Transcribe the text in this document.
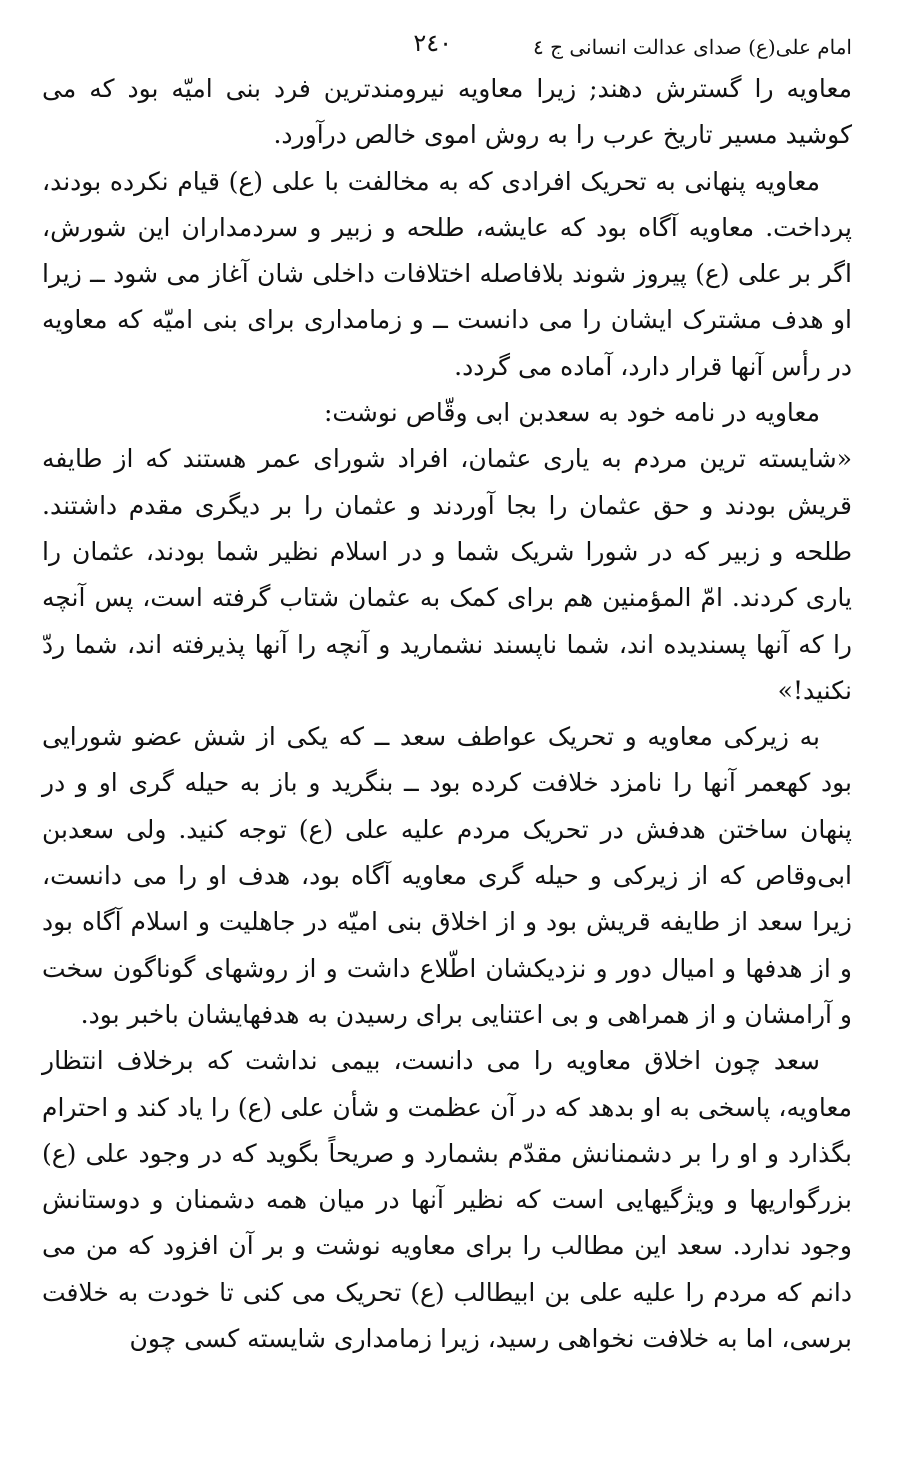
امام علی(ع) صدای عدالت انسانی ج ٤
٢٤٠

معاویه را گسترش دهند; زیرا معاویه نیرومندترین فرد بنی امیّه بود که می کوشید مسیر تاریخ عرب را به روش اموی خالص درآورد.

معاویه پنهانی به تحریک افرادی که به مخالفت با علی (ع) قیام نکرده بودند، پرداخت. معاویه آگاه بود که عایشه، طلحه و زبیر و سردمداران این شورش، اگر بر علی (ع) پیروز شوند بلافاصله اختلافات داخلی شان آغاز می شود ــ زیرا او هدف مشترک ایشان را می دانست ــ و زمامداری برای بنی امیّه که معاویه در رأس آنها قرار دارد، آماده می گردد.

معاویه در نامه خود به سعدبن ابی وقّاص نوشت:

«شایسته ترین مردم به یاری عثمان، افراد شورای عمر هستند که از طایفه قریش بودند و حق عثمان را بجا آوردند و عثمان را بر دیگری مقدم داشتند. طلحه و زبیر که در شورا شریک شما و در اسلام نظیر شما بودند، عثمان را یاری کردند. امّ المؤمنین هم برای کمک به عثمان شتاب گرفته است، پس آنچه را که آنها پسندیده اند، شما ناپسند نشمارید و آنچه را آنها پذیرفته اند، شما ردّ نکنید!»

به زیرکی معاویه و تحریک عواطف سعد ــ که یکی از شش عضو شورایی بود کهعمر آنها را نامزد خلافت کرده بود ــ بنگرید و باز به حیله گری او و در پنهان ساختن هدفش در تحریک مردم علیه علی (ع) توجه کنید. ولی سعدبن ابی‌وقاص که از زیرکی و حیله گری معاویه آگاه بود، هدف او را می دانست، زیرا سعد از طایفه قریش بود و از اخلاق بنی امیّه در جاهلیت و اسلام آگاه بود و از هدفها و امیال دور و نزدیکشان اطّلاع داشت و از روشهای گوناگون سخت و آرامشان و از همراهی و بی اعتنایی برای رسیدن به هدفهایشان باخبر بود.

سعد چون اخلاق معاویه را می دانست، بیمی نداشت که برخلاف انتظار معاویه، پاسخی به او بدهد که در آن عظمت و شأن علی (ع) را یاد کند و احترام بگذارد و او را بر دشمنانش مقدّم بشمارد و صریحاً بگوید که در وجود علی (ع) بزرگواریها و ویژگیهایی است که نظیر آنها در میان همه دشمنان و دوستانش وجود ندارد. سعد این مطالب را برای معاویه نوشت و بر آن افزود که من می دانم که مردم را علیه علی بن ابیطالب (ع) تحریک می کنی تا خودت به خلافت برسی، اما به خلافت نخواهی رسید، زیرا زمامداری شایسته کسی چون
